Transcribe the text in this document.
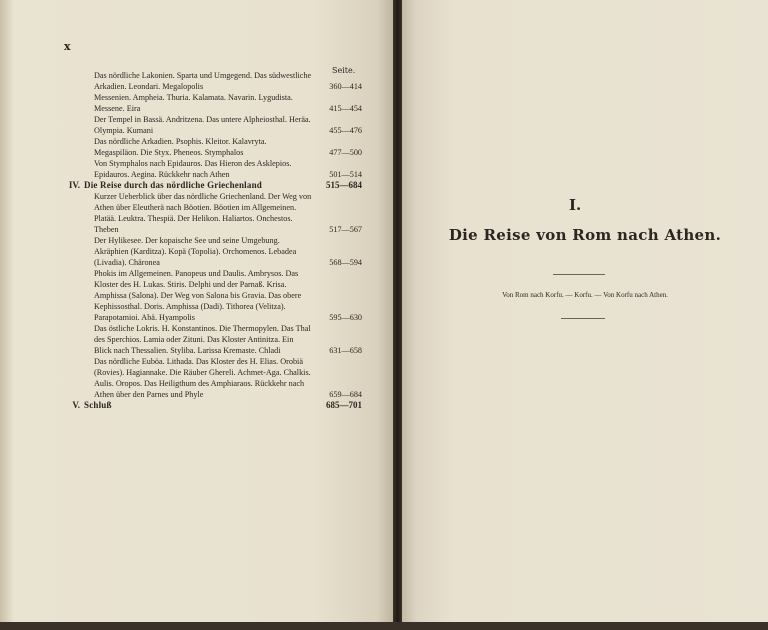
x
Seite.
Das nördliche Lakonien. Sparta und Umgegend. Das südwestliche Arkadien. Leondari. Megalopolis	360—414
Messenien. Ampheia. Thuria. Kalamata. Navarin. Lygudista. Messene. Eira	415—454
Der Tempel in Bassä. Andritzena. Das untere Alpheiosthal. Heräa. Olympia. Kumani	455—476
Das nördliche Arkadien. Psophis. Kleitor. Kalavryta. Megaspiläon. Die Styx. Pheneos. Stymphalos	477—500
Von Stymphalos nach Epidauros. Das Hieron des Asklepios. Epidauros. Aegina. Rückkehr nach Athen	501—514
IV. Die Reise durch das nördliche Griechenland	515—684
Kurzer Ueberblick über das nördliche Griechenland. Der Weg von Athen über Eleutherä nach Böotien. Böotien im Allgemeinen. Platää. Leuktra. Thespiä. Der Helikon. Haliartos. Onchestos. Theben	517—567
Der Hylikesee. Der kopaische See und seine Umgebung. Akräphien (Karditza). Kopä (Topolia). Orchomenos. Lebadea (Livadia). Chäronea	568—594
Phokis im Allgemeinen. Panopeus und Daulis. Ambrysos. Das Kloster des H. Lukas. Stiris. Delphi und der Parnaß. Krisa. Amphissa (Salona). Der Weg von Salona bis Gravia. Das obere Kephissosthal. Doris. Amphissa (Dadi). Tithorea (Velitza). Parapotamioi. Abä. Hyampolis	595—630
Das östliche Lokris. H. Konstantinos. Die Thermopylen. Das Thal des Sperchios. Lamia oder Zituni. Das Kloster Antinitza. Ein Blick nach Thessalien. Styliba. Larissa Kremaste. Chladi	631—658
Das nördliche Euböa. Lithada. Das Kloster des H. Elias. Orobiä (Rovies). Hagiannake. Die Räuber Ghereli. Achmet-Aga. Chalkis. Aulis. Oropos. Das Heiligthum des Amphiaraos. Rückkehr nach Athen über den Parnes und Phyle	659—684
V. Schluß	685—701
I.
Die Reise von Rom nach Athen.
Von Rom nach Korfu. — Korfu. — Von Korfu nach Athen.
